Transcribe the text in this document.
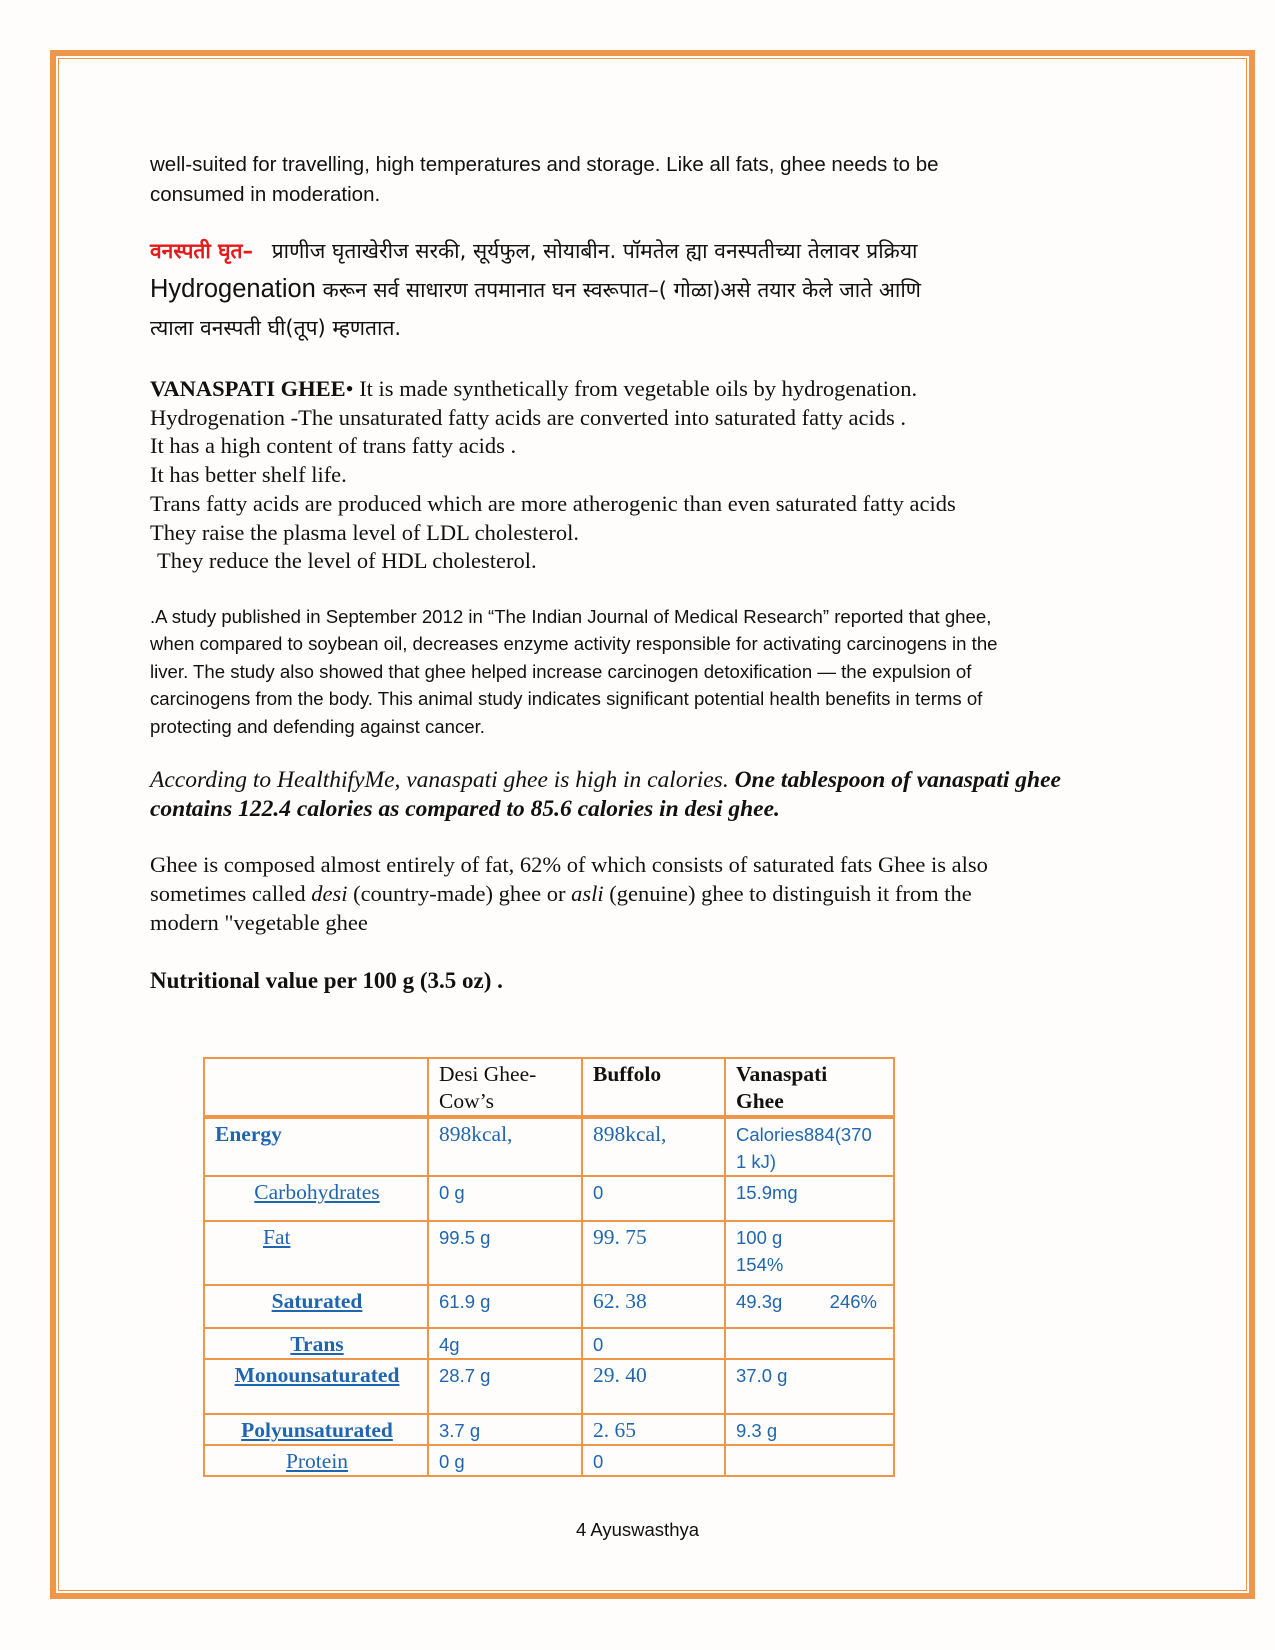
well-suited for travelling, high temperatures and storage. Like all fats, ghee needs to be
consumed in moderation.

वनस्पती घृत– प्राणीज घृताखेरीज सरकी, सूर्यफुल, सोयाबीन. पॉमतेल ह्या वनस्पतीच्या तेलावर प्रक्रिया
Hydrogenation करून सर्व साधारण तपमानात घन स्वरूपात–( गोळा)असे तयार केले जाते आणि
त्याला वनस्पती घी(तूप) म्हणतात.

VANASPATI GHEE• It is made synthetically from vegetable oils by hydrogenation.
Hydrogenation -The unsaturated fatty acids are converted into saturated fatty acids .
It has a high content of trans fatty acids .
It has better shelf life.
Trans fatty acids are produced which are more atherogenic than even saturated fatty acids
They raise the plasma level of LDL cholesterol.
They reduce the level of HDL cholesterol.

.A study published in September 2012 in “The Indian Journal of Medical Research” reported that ghee,
when compared to soybean oil, decreases enzyme activity responsible for activating carcinogens in the
liver. The study also showed that ghee helped increase carcinogen detoxification — the expulsion of
carcinogens from the body. This animal study indicates significant potential health benefits in terms of
protecting and defending against cancer.

According to HealthifyMe, vanaspati ghee is high in calories. One tablespoon of vanaspati ghee
contains 122.4 calories as compared to 85.6 calories in desi ghee.

Ghee is composed almost entirely of fat, 62% of which consists of saturated fats Ghee is also
sometimes called desi (country-made) ghee or asli (genuine) ghee to distinguish it from the
modern "vegetable ghee

Nutritional value per 100 g (3.5 oz) .

	Desi Ghee-
Cow’s	Buffolo	Vanaspati
Ghee
Energy	898kcal,	898kcal,	Calories884(370
1 kJ)
Carbohydrates	0 g	0	15.9mg
Fat	99.5 g	99. 75	100 g
154%
Saturated	61.9 g	62. 38	49.3g 246%

Trans	4g	0	
Monounsaturated	28.7 g	29. 40	37.0 g
Polyunsaturated	3.7 g	2. 65	9.3 g
Protein	0 g	0	
4 Ayuswasthya
